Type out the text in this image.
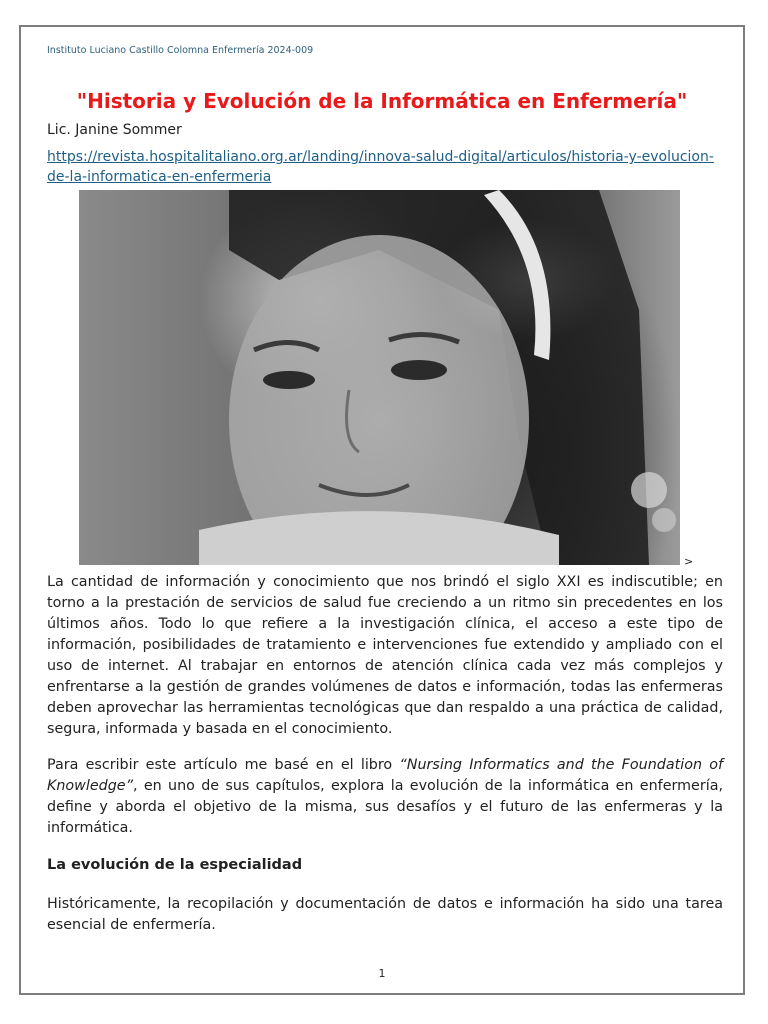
Instituto Luciano Castillo Colomna Enfermería 2024-009
"Historia y Evolución de la Informática en Enfermería"
Lic. Janine Sommer
https://revista.hospitalitaliano.org.ar/landing/innova-salud-digital/articulos/historia-y-evolucion-de-la-informatica-en-enfermeria
>
La cantidad de información y conocimiento que nos brindó el siglo XXI es indiscutible; en torno a la prestación de servicios de salud fue creciendo a un ritmo sin precedentes en los últimos años. Todo lo que refiere a la investigación clínica, el acceso a este tipo de información, posibilidades de tratamiento e intervenciones fue extendido y ampliado con el uso de internet. Al trabajar en entornos de atención clínica cada vez más complejos y enfrentarse a la gestión de grandes volúmenes de datos e información, todas las enfermeras deben aprovechar las herramientas tecnológicas que dan respaldo a una práctica de calidad, segura, informada y basada en el conocimiento.
Para escribir este artículo me basé en el libro “Nursing Informatics and the Foundation of Knowledge”, en uno de sus capítulos, explora la evolución de la informática en enfermería, define y aborda el objetivo de la misma, sus desafíos y el futuro de las enfermeras y la informática.
La evolución de la especialidad
Históricamente, la recopilación y documentación de datos e información ha sido una tarea esencial de enfermería.
1
